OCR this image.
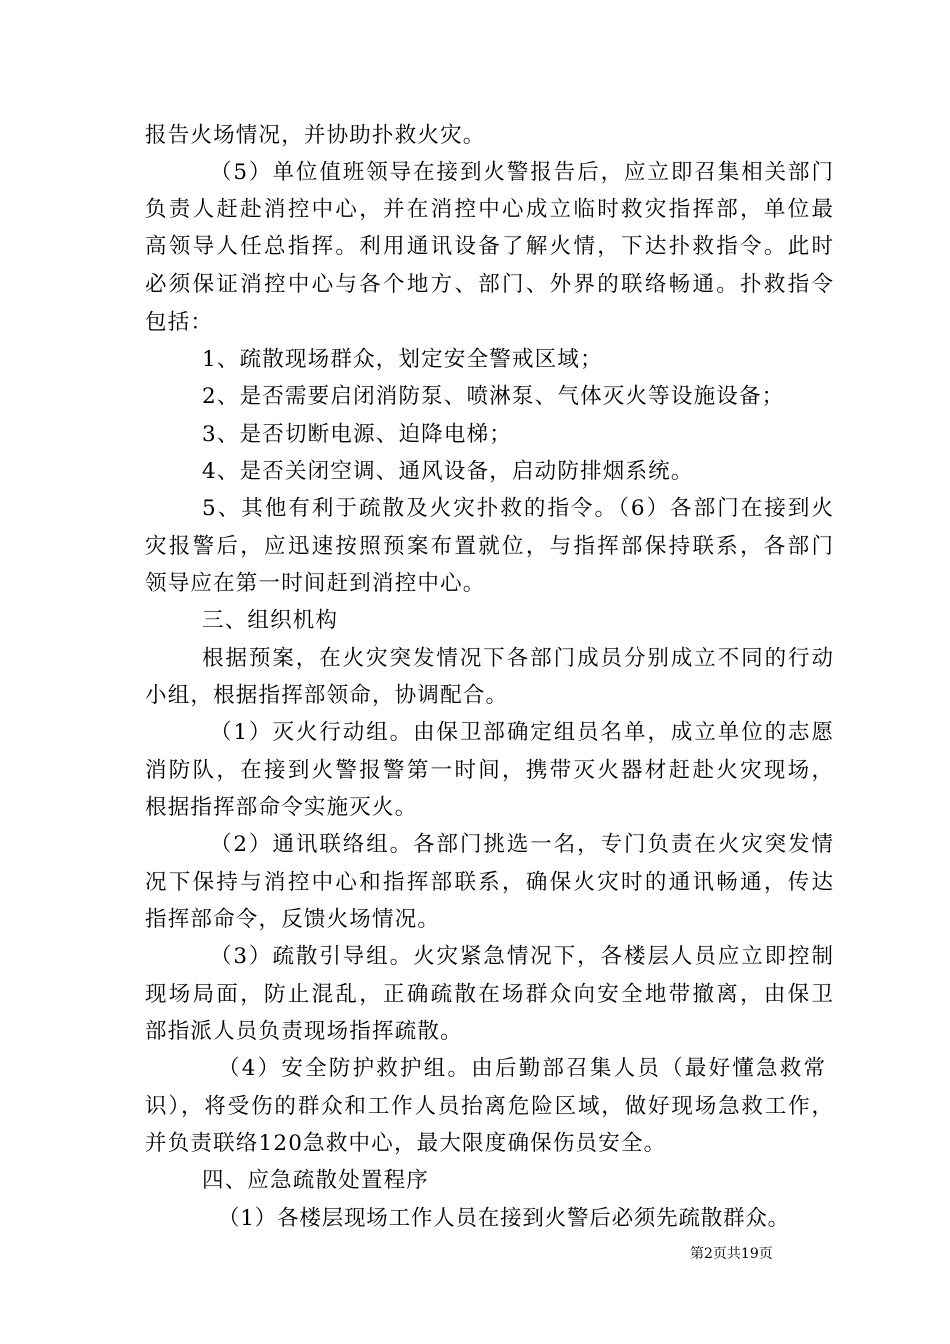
报告火场情况，并协助扑救火灾。
（5）单位值班领导在接到火警报告后，应立即召集相关部门
负责人赶赴消控中心，并在消控中心成立临时救灾指挥部，单位最
高领导人任总指挥。利用通讯设备了解火情，下达扑救指令。此时
必须保证消控中心与各个地方、部门、外界的联络畅通。扑救指令
包括：
1、疏散现场群众，划定安全警戒区域；
2、是否需要启闭消防泵、喷淋泵、气体灭火等设施设备；
3、是否切断电源、迫降电梯；
4、是否关闭空调、通风设备，启动防排烟系统。
5、其他有利于疏散及火灾扑救的指令。（6）各部门在接到火
灾报警后，应迅速按照预案布置就位，与指挥部保持联系，各部门
领导应在第一时间赶到消控中心。
三、组织机构
根据预案，在火灾突发情况下各部门成员分别成立不同的行动
小组，根据指挥部领命，协调配合。
（1）灭火行动组。由保卫部确定组员名单，成立单位的志愿
消防队，在接到火警报警第一时间，携带灭火器材赶赴火灾现场，
根据指挥部命令实施灭火。
（2）通讯联络组。各部门挑选一名，专门负责在火灾突发情
况下保持与消控中心和指挥部联系，确保火灾时的通讯畅通，传达
指挥部命令，反馈火场情况。
（3）疏散引导组。火灾紧急情况下，各楼层人员应立即控制
现场局面，防止混乱，正确疏散在场群众向安全地带撤离，由保卫
部指派人员负责现场指挥疏散。
（4）安全防护救护组。由后勤部召集人员（最好懂急救常
识），将受伤的群众和工作人员抬离危险区域，做好现场急救工作，
并负责联络120急救中心，最大限度确保伤员安全。
四、应急疏散处置程序
（1）各楼层现场工作人员在接到火警后必须先疏散群众。
第2页共19页
